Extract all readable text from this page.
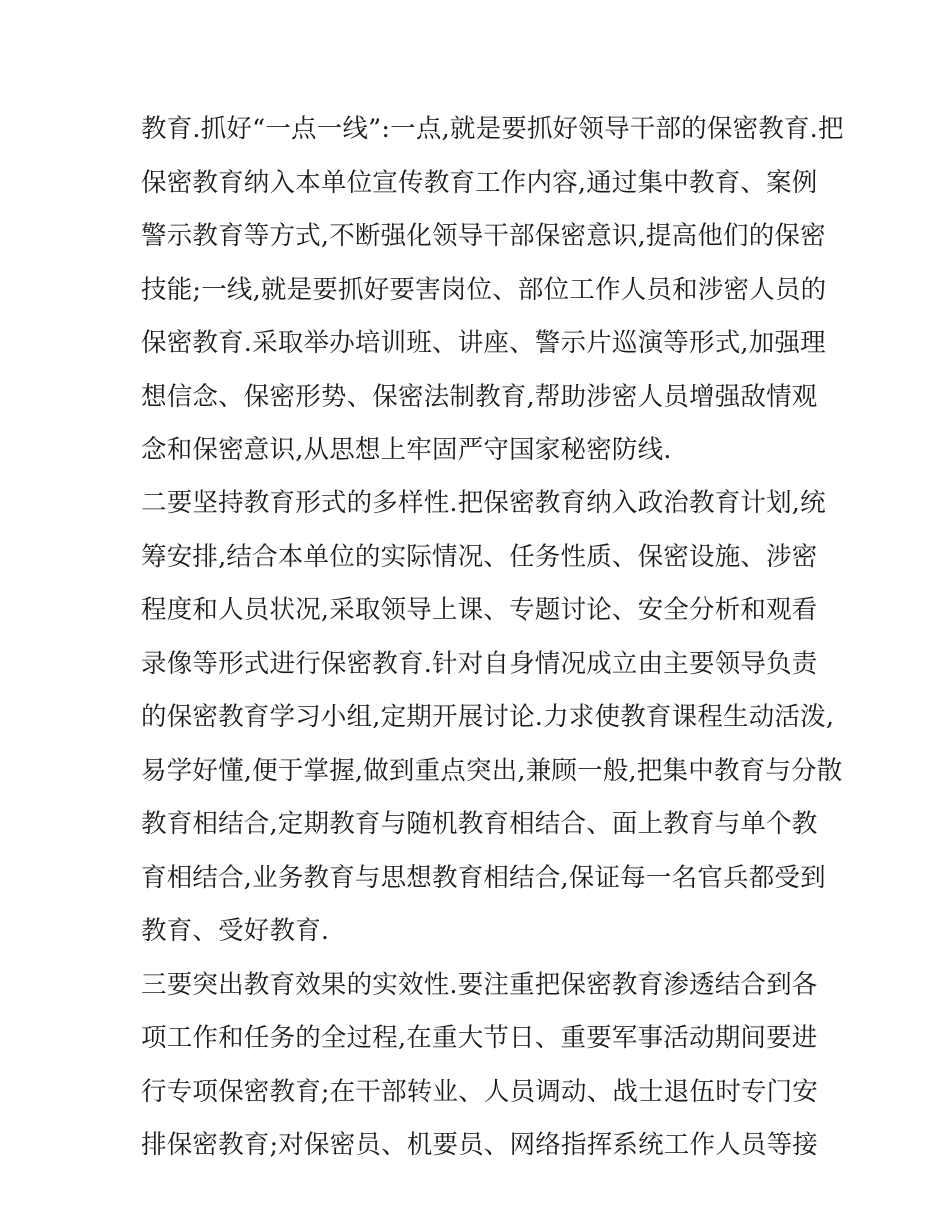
教育.抓好“一点一线”:一点,就是要抓好领导干部的保密教育.把
保密教育纳入本单位宣传教育工作内容,通过集中教育、案例
警示教育等方式,不断强化领导干部保密意识,提高他们的保密
技能;一线,就是要抓好要害岗位、部位工作人员和涉密人员的
保密教育.采取举办培训班、讲座、警示片巡演等形式,加强理
想信念、保密形势、保密法制教育,帮助涉密人员增强敌情观
念和保密意识,从思想上牢固严守国家秘密防线.
二要坚持教育形式的多样性.把保密教育纳入政治教育计划,统
筹安排,结合本单位的实际情况、任务性质、保密设施、涉密
程度和人员状况,采取领导上课、专题讨论、安全分析和观看
录像等形式进行保密教育.针对自身情况成立由主要领导负责
的保密教育学习小组,定期开展讨论.力求使教育课程生动活泼,
易学好懂,便于掌握,做到重点突出,兼顾一般,把集中教育与分散
教育相结合,定期教育与随机教育相结合、面上教育与单个教
育相结合,业务教育与思想教育相结合,保证每一名官兵都受到
教育、受好教育.
三要突出教育效果的实效性.要注重把保密教育渗透结合到各
项工作和任务的全过程,在重大节日、重要军事活动期间要进
行专项保密教育;在干部转业、人员调动、战士退伍时专门安
排保密教育;对保密员、机要员、网络指挥系统工作人员等接
